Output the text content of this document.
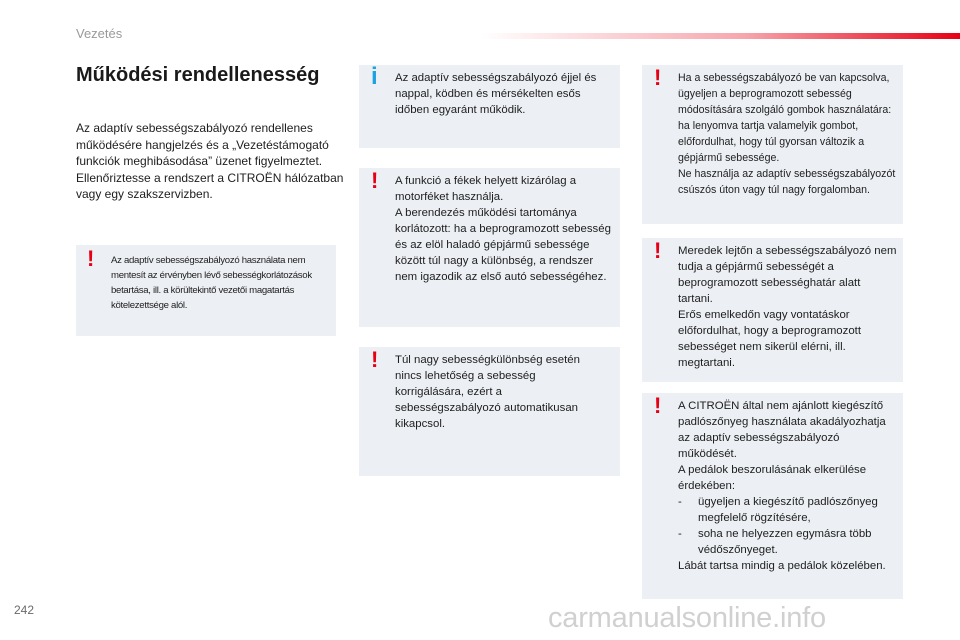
Vezetés
Működési rendellenesség
Az adaptív sebességszabályozó rendellenes működésére hangjelzés és a „Vezetéstámogató funkciók meghibásodása” üzenet figyelmeztet. Ellenőriztesse a rendszert a CITROËN hálózatban vagy egy szakszervizben.
! Az adaptív sebességszabályozó használata nem mentesít az érvényben lévő sebességkorlátozások betartása, ill. a körültekintő vezetői magatartás kötelezettsége alól.
i Az adaptív sebességszabályozó éjjel és nappal, ködben és mérsékelten esős időben egyaránt működik.
! A funkció a fékek helyett kizárólag a motorféket használja.
A berendezés működési tartománya korlátozott: ha a beprogramozott sebesség és az elöl haladó gépjármű sebessége között túl nagy a különbség, a rendszer nem igazodik az első autó sebességéhez.
! Túl nagy sebességkülönbség esetén nincs lehetőség a sebesség korrigálására, ezért a sebességszabályozó automatikusan kikapcsol.
! Ha a sebességszabályozó be van kapcsolva, ügyeljen a beprogramozott sebesség módosítására szolgáló gombok használatára: ha lenyomva tartja valamelyik gombot, előfordulhat, hogy túl gyorsan változik a gépjármű sebessége.
Ne használja az adaptív sebességszabályozót csúszós úton vagy túl nagy forgalomban.
! Meredek lejtőn a sebességszabályozó nem tudja a gépjármű sebességét a beprogramozott sebességhatár alatt tartani.
Erős emelkedőn vagy vontatáskor előfordulhat, hogy a beprogramozott sebességet nem sikerül elérni, ill. megtartani.
! A CITROËN által nem ajánlott kiegészítő padlószőnyeg használata akadályozhatja az adaptív sebességszabályozó működését.
A pedálok beszorulásának elkerülése érdekében:
- ügyeljen a kiegészítő padlószőnyeg megfelelő rögzítésére,
- soha ne helyezzen egymásra több védőszőnyeget.
Lábát tartsa mindig a pedálok közelében.
242	carmanualsonline.info
